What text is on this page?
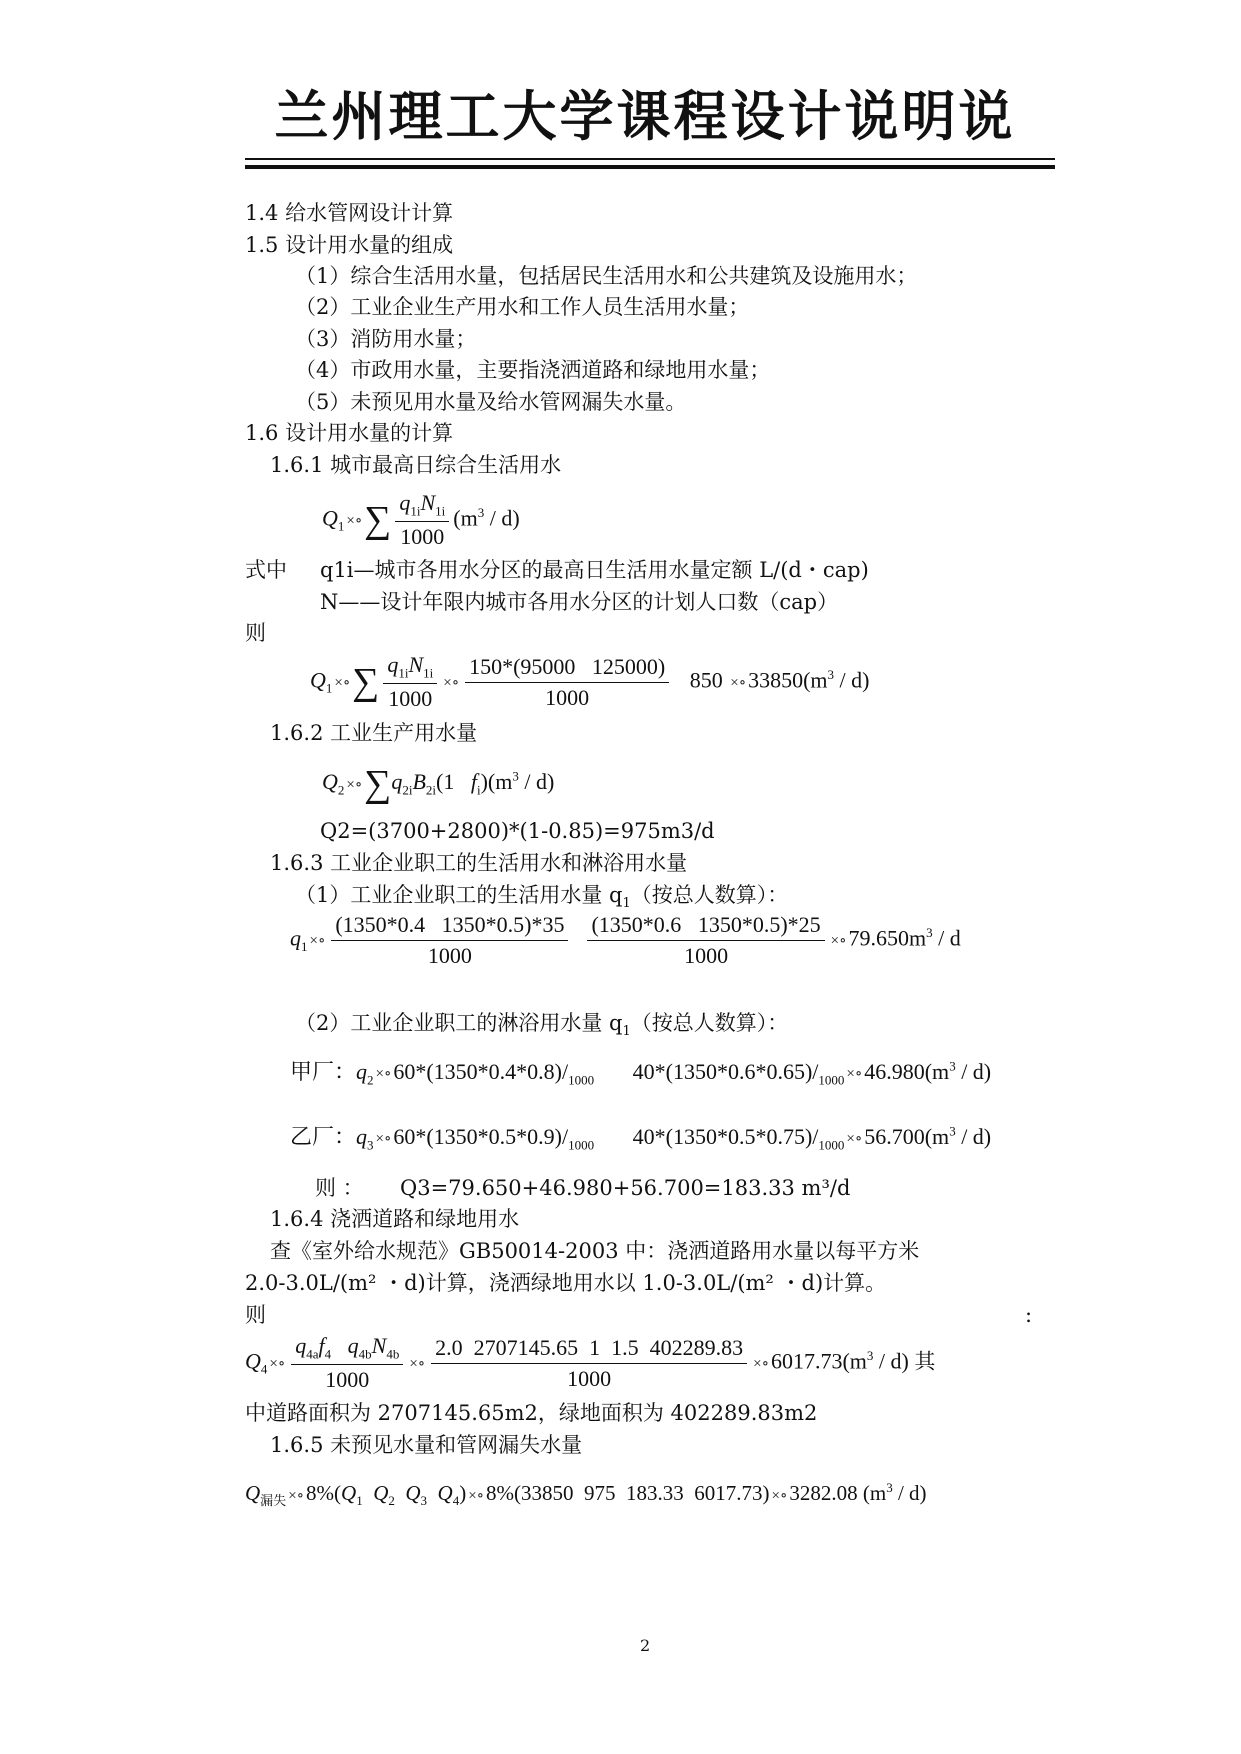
兰州理工大学课程设计说明说
1.4 给水管网设计计算
1.5 设计用水量的组成
（1）综合生活用水量，包括居民生活用水和公共建筑及设施用水；
（2）工业企业生产用水和工作人员生活用水量；
（3）消防用水量；
（4）市政用水量，主要指浇洒道路和绿地用水量；
（5）未预见用水量及给水管网漏失水量。
1.6 设计用水量的计算
1.6.1 城市最高日综合生活用水
$Q_1$ ×∘∑ $\frac{q_{1i}N_{1i}}{1000} (m^3 / d)$
式中 q1i—城市各用水分区的最高日生活用水量定额 L/(d・cap)
N——设计年限内城市各用水分区的计划人口数（cap）
则
$Q_1$ ×∘∑ $\frac{q_{1i}N_{1i}}{1000}$ ×∘ $\frac{150*(95000 125000)}{1000} 850$ $\times\circ 33850(m^3 / d)$
1.6.2 工业生产用水量
$Q_2$ $\times\circ\sum q_{2i}B_{2i}(1$ $f_i)(m^3 / d)$
Q2=(3700+2800)*(1-0.85)=975m3/d
1.6.3 工业企业职工的生活用水和淋浴用水量
（1）工业企业职工的生活用水量 $q_1$（按总人数算）：
$q_1$ ×∘ $\frac{(1350*0.4 1350*0.5)*35}{1000}$
$\frac{(1350*0.6 1350*0.5)*25}{1000}$ $\times\circ 79.650m^3 / d$
（2）工业企业职工的淋浴用水量 $q_1$（按总人数算）：
甲厂：$q_2$ $\times\circ 60*(1350*0.4*0.8)/_{1000}$ $40*(1350*0.6*0.65)/_{1000}$ $\times\circ 46.980(m^3 / d)$
乙厂：$q_3$ $\times\circ 60*(1350*0.5*0.9)/_{1000}$ $40*(1350*0.5*0.75)/_{1000}$ $\times\circ 56.700(m^3 / d)$
则 ： Q3=79.650+46.980+56.700=183.33 m³/d
1.6.4 浇洒道路和绿地用水
查《室外给水规范》GB50014-2003 中：浇洒道路用水量以每平方米
2.0-3.0L/(m² ・d)计算，浇洒绿地用水以 1.0-3.0L/(m² ・d)计算。
则	:
$Q_4$ ×∘ $\frac{q_{4a}f_4 q_{4b}N_{4b}}{1000}$ ×∘ $\frac{2.0 2707145.65 1 1.5 402289.83}{1000}$ $\times\circ 6017.73(m^3 / d)$ 其
中道路面积为 2707145.65m2，绿地面积为 402289.83m2
1.6.5 未预见水量和管网漏失水量
$Q_{漏失}$ $\times\circ 8\%(Q_1$ $Q_2$ $Q_3$ $Q_4$) ×∘8%(33850 975 183.33 6017.73) ×∘3282.08 $(m^3 / d)$
2
